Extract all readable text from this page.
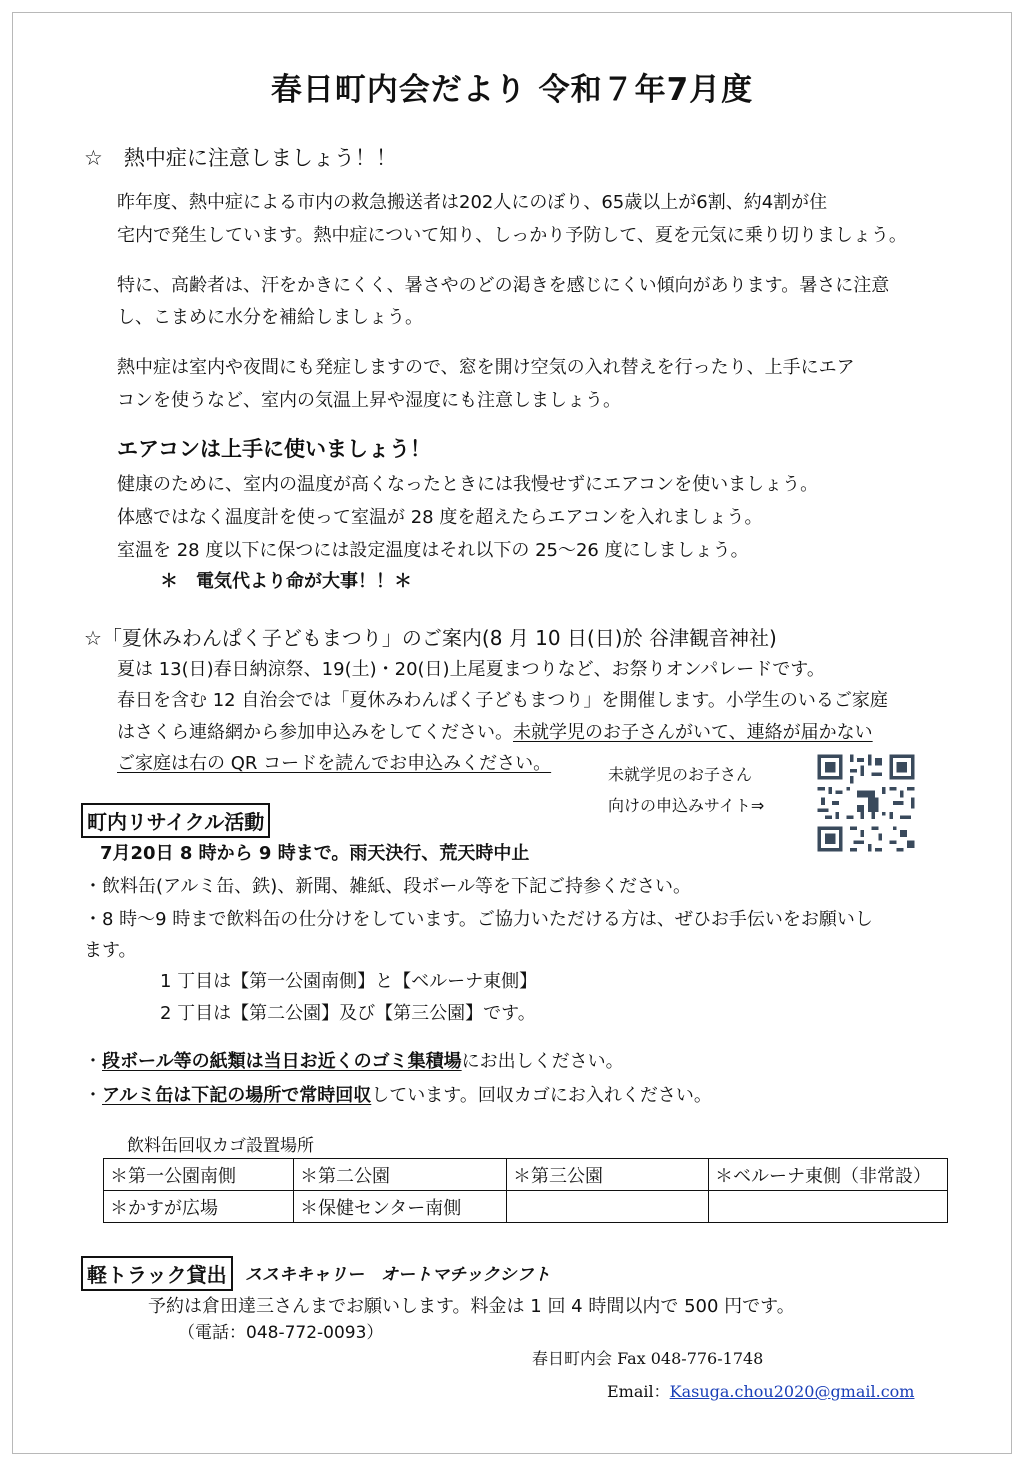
春日町内会だより 令和７年7月度
☆　熱中症に注意しましょう！！
昨年度、熱中症による市内の救急搬送者は202人にのぼり、65歳以上が6割、約4割が住
宅内で発生しています。熱中症について知り、しっかり予防して、夏を元気に乗り切りましょう。
特に、高齢者は、汗をかきにくく、暑さやのどの渇きを感じにくい傾向があります。暑さに注意
し、こまめに水分を補給しましょう。
熱中症は室内や夜間にも発症しますので、窓を開け空気の入れ替えを行ったり、上手にエア
コンを使うなど、室内の気温上昇や湿度にも注意しましょう。
エアコンは上手に使いましょう！
健康のために、室内の温度が高くなったときには我慢せずにエアコンを使いましょう。
体感ではなく温度計を使って室温が 28 度を超えたらエアコンを入れましょう。
室温を 28 度以下に保つには設定温度はそれ以下の 25～26 度にしましょう。
＊　電気代より命が大事！！＊
☆「夏休みわんぱく子どもまつり」のご案内(8 月 10 日(日)於 谷津観音神社)
夏は 13(日)春日納涼祭、19(土)・20(日)上尾夏まつりなど、お祭りオンパレードです。
春日を含む 12 自治会では「夏休みわんぱく子どもまつり」を開催します。小学生のいるご家庭
はさくら連絡網から参加申込みをしてください。未就学児のお子さんがいて、連絡が届かない
ご家庭は右の QR コードを読んでお申込みください。
未就学児のお子さん
向けの申込みサイト⇒
町内リサイクル活動
7月20日 8 時から 9 時まで。雨天決行、荒天時中止
・飲料缶(アルミ缶、鉄)、新聞、雑紙、段ボール等を下記ご持参ください。
・8 時～9 時まで飲料缶の仕分けをしています。ご協力いただける方は、ぜひお手伝いをお願いし
ます。
1 丁目は【第一公園南側】と【ベルーナ東側】
2 丁目は【第二公園】及び【第三公園】です。
・段ボール等の紙類は当日お近くのゴミ集積場にお出しください。
・アルミ缶は下記の場所で常時回収しています。回収カゴにお入れください。
飲料缶回収カゴ設置場所
＊第一公園南側	＊第二公園	＊第三公園	＊ベルーナ東側（非常設）
＊かすが広場	＊保健センター南側		
軽トラック貸出	ススキキャリー　オートマチックシフト
予約は倉田達三さんまでお願いします。料金は 1 回 4 時間以内で 500 円です。
（電話：048-772-0093）
春日町内会 Fax 048-776-1748
Email：Kasuga.chou2020@gmail.com
